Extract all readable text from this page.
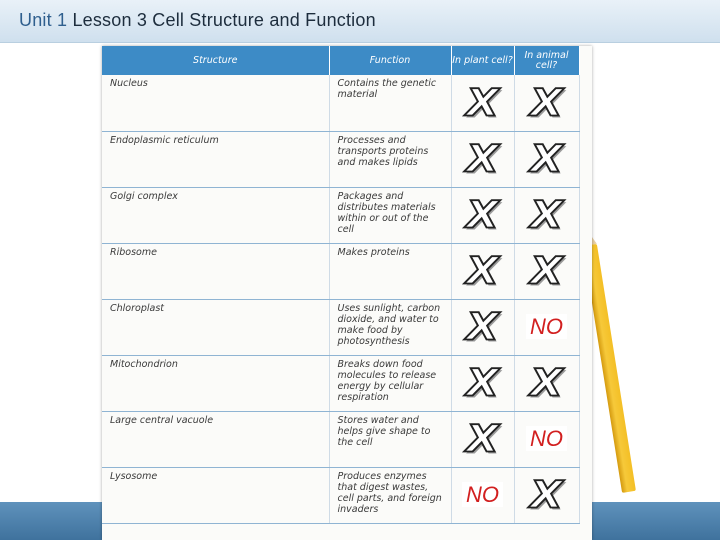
Unit 1 Lesson 3 Cell Structure and Function
Structure	Function	In plant cell?	In animal cell?
Nucleus	Contains the genetic material	X	X
Endoplasmic reticulum	Processes and transports proteins and makes lipids	X	X
Golgi complex	Packages and distributes materials within or out of the cell	X	X
Ribosome	Makes proteins	X	X
Chloroplast	Uses sunlight, carbon dioxide, and water to make food by photosynthesis	X	NO
Mitochondrion	Breaks down food molecules to release energy by cellular respiration	X	X
Large central vacuole	Stores water and helps give shape to the cell	X	NO
Lysosome	Produces enzymes that digest wastes, cell parts, and foreign invaders	NO	X
